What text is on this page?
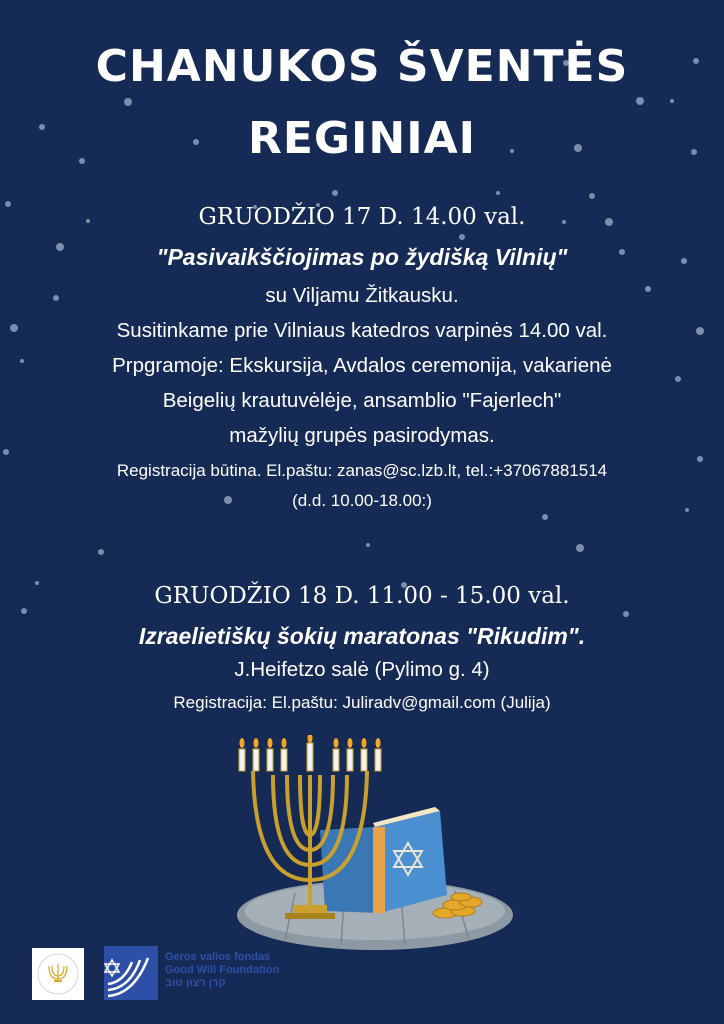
CHANUKOS ŠVENTĖS
REGINIAI
GRUODŽIO 17 D. 14.00 val.
"Pasivaikščiojimas po žydišką Vilnių"
su Viljamu Žitkausku.
Susitinkame prie Vilniaus katedros varpinės 14.00 val.
Prpgramoje: Ekskursija, Avdalos ceremonija, vakarienė
Beigelių krautuvėlėje, ansamblio "Fajerlech"
mažylių grupės pasirodymas.
Registracija būtina. El.paštu: zanas@sc.lzb.lt, tel.:+37067881514
(d.d. 10.00-18.00:)
GRUODŽIO 18 D. 11.00 - 15.00 val.
Izraelietiškų šokių maratonas "Rikudim".
J.Heifetzo salė (Pylimo g. 4)
Registracija: El.paštu: Juliradv@gmail.com (Julija)
Geros valios fondas
Good Will Foundation
קרן רצון טוב
